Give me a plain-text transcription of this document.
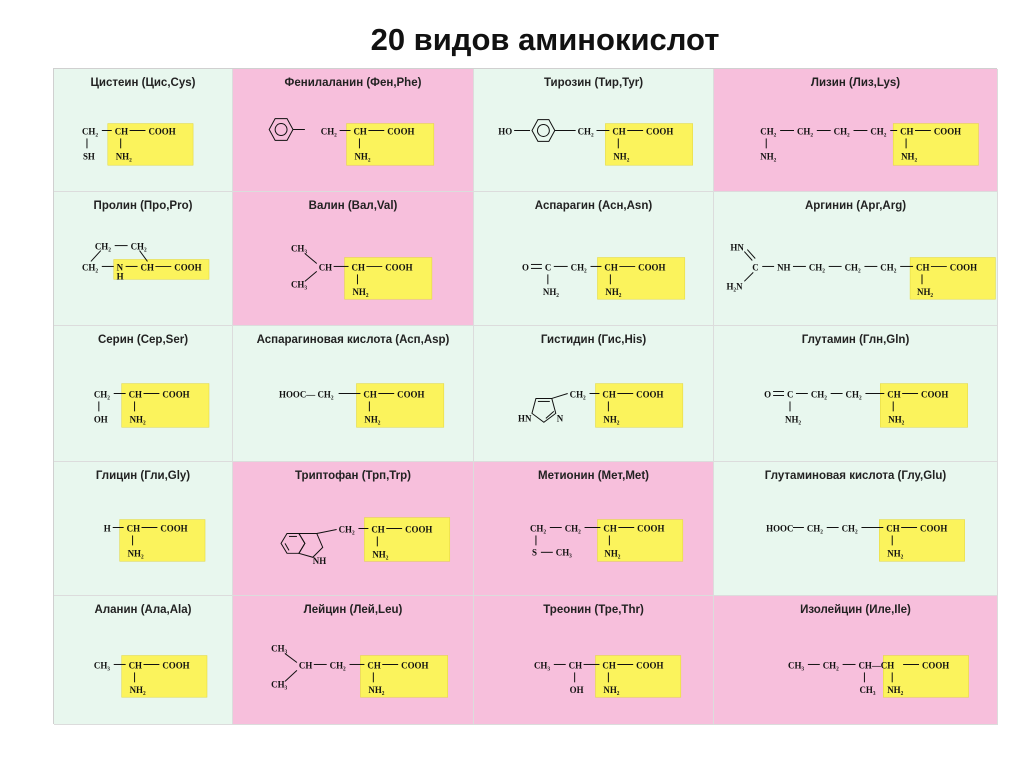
20 видов аминокислот
Цистеин (Цис,Cys)
CH₂ CH COOH
SH NH₂
Фенилаланин (Фен,Phe)
CH₂ CH COOH
NH₂
Тирозин (Тир,Tyr)
HO	CH₂ CH COOH
NH₂
Лизин (Лиз,Lys)
CH₂ CH₂ CH₂ CH₂ CH COOH
NH₂	NH₂
Пролин (Про,Pro)
CH₂ CH₂
CH₂ N CH COOH
H
Валин (Вал,Val)
CH₃
CH₃
CH CH COOH
NH₂
Аспарагин (Асн,Asn)
O C CH₂ CH COOH
NH₂	NH₂
Аргинин (Арг,Arg)
HN
C
H₂N
NH CH₂ CH₂ CH₂ CH COOH
NH₂
Серин (Сер,Ser)
CH₂ CH COOH
OH NH₂
Аспарагиновая кислота (Асп,Asp)
HOOC— CH₂	CH COOH
NH₂
Гистидин (Гис,His)
HN	N
CH₂ CH COOH
NH₂
Глутамин (Глн,Gln)
O C CH₂ CH₂	CH COOH
NH₂	NH₂
Глицин (Гли,Gly)
H CH COOH
NH₂
Триптофан (Трп,Trp)
NH
CH₂ CH COOH
NH₂
Метионин (Мет,Met)
CH₂ CH₂	CH COOH
S CH₃	NH₂
Глутаминовая кислота (Глу,Glu)
HOOC CH₂ CH₂	CH COOH
NH₂
Аланин (Ала,Ala)
CH₃ CH COOH
NH₂
Лейцин (Лей,Leu)
CH₃
CH₃
CH CH₂ CH COOH
NH₂
Треонин (Тре,Thr)
CH₃ CH CH COOH
OH NH₂
Изолейцин (Иле,Ile)
CH₃ CH₂ CH—CH	COOH
CH₃ NH₂
